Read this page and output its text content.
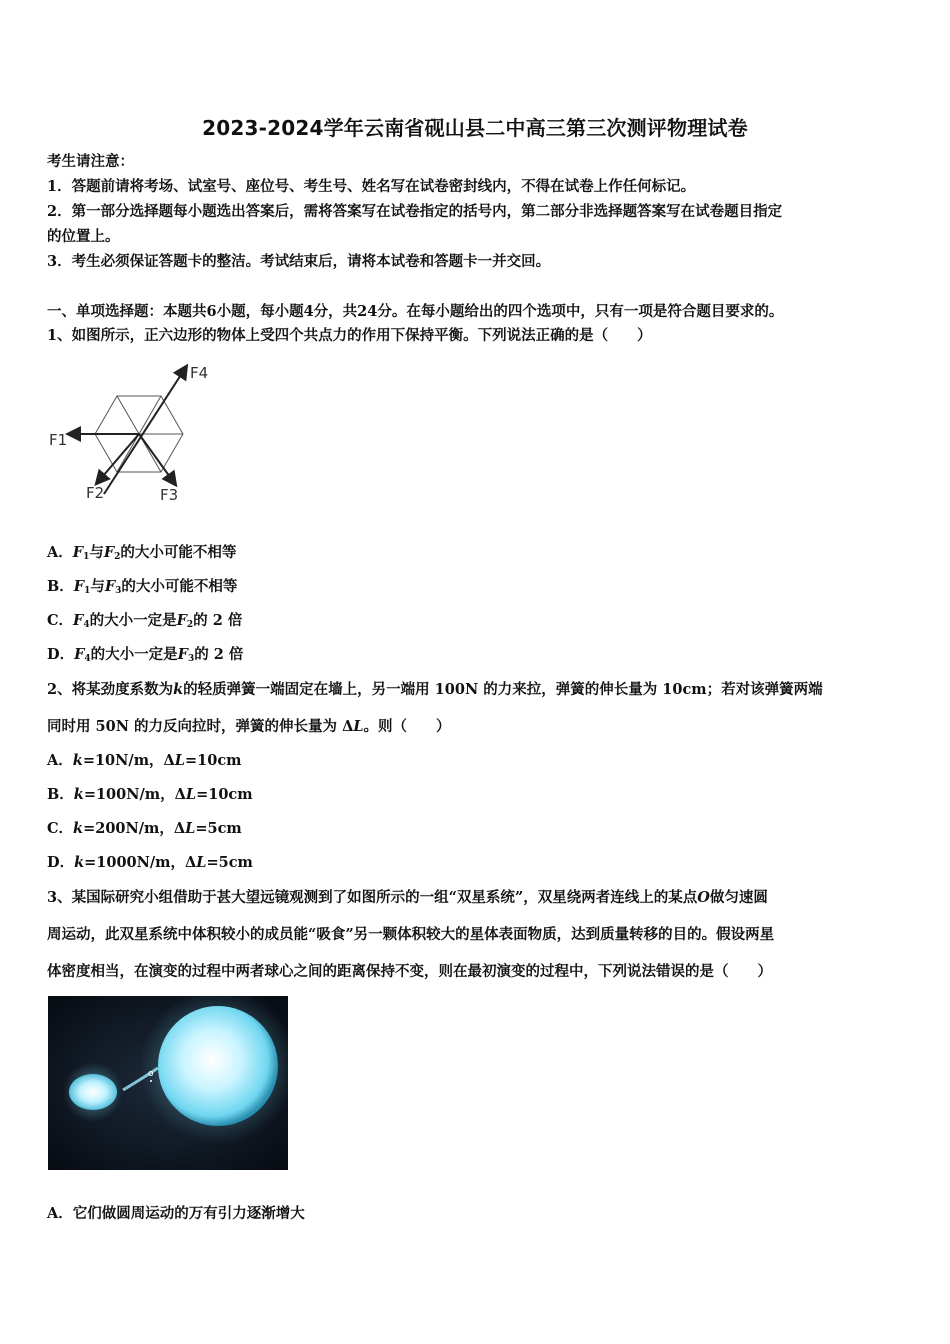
2023-2024学年云南省砚山县二中高三第三次测评物理试卷
考生请注意：
1．答题前请将考场、试室号、座位号、考生号、姓名写在试卷密封线内，不得在试卷上作任何标记。
2．第一部分选择题每小题选出答案后，需将答案写在试卷指定的括号内，第二部分非选择题答案写在试卷题目指定
的位置上。
3．考生必须保证答题卡的整洁。考试结束后，请将本试卷和答题卡一并交回。
一、单项选择题：本题共6小题，每小题4分，共24分。在每小题给出的四个选项中，只有一项是符合题目要求的。
1、如图所示，正六边形的物体上受四个共点力的作用下保持平衡。下列说法正确的是（　　）
F1
F2	F3
F4
A．$F_1$与$F_2$的大小可能不相等
B．$F_1$与$F_3$的大小可能不相等
C．$F_4$的大小一定是$F_2$的 2 倍
D．$F_4$的大小一定是$F_3$的 2 倍
2、将某劲度系数为k的轻质弹簧一端固定在墙上，另一端用 100N 的力来拉，弹簧的伸长量为 10cm；若对该弹簧两端
同时用 50N 的力反向拉时，弹簧的伸长量为 ΔL。则（　　）
A．k=10N/m，ΔL=10cm
B．k=100N/m，ΔL=10cm
C．k=200N/m，ΔL=5cm
D．k=1000N/m，ΔL=5cm
3、某国际研究小组借助于甚大望远镜观测到了如图所示的一组“双星系统”，双星绕两者连线上的某点O做匀速圆
周运动，此双星系统中体积较小的成员能“吸食”另一颗体积较大的星体表面物质，达到质量转移的目的。假设两星
体密度相当，在演变的过程中两者球心之间的距离保持不变，则在最初演变的过程中，下列说法错误的是（　　）
o
A．它们做圆周运动的万有引力逐渐增大
